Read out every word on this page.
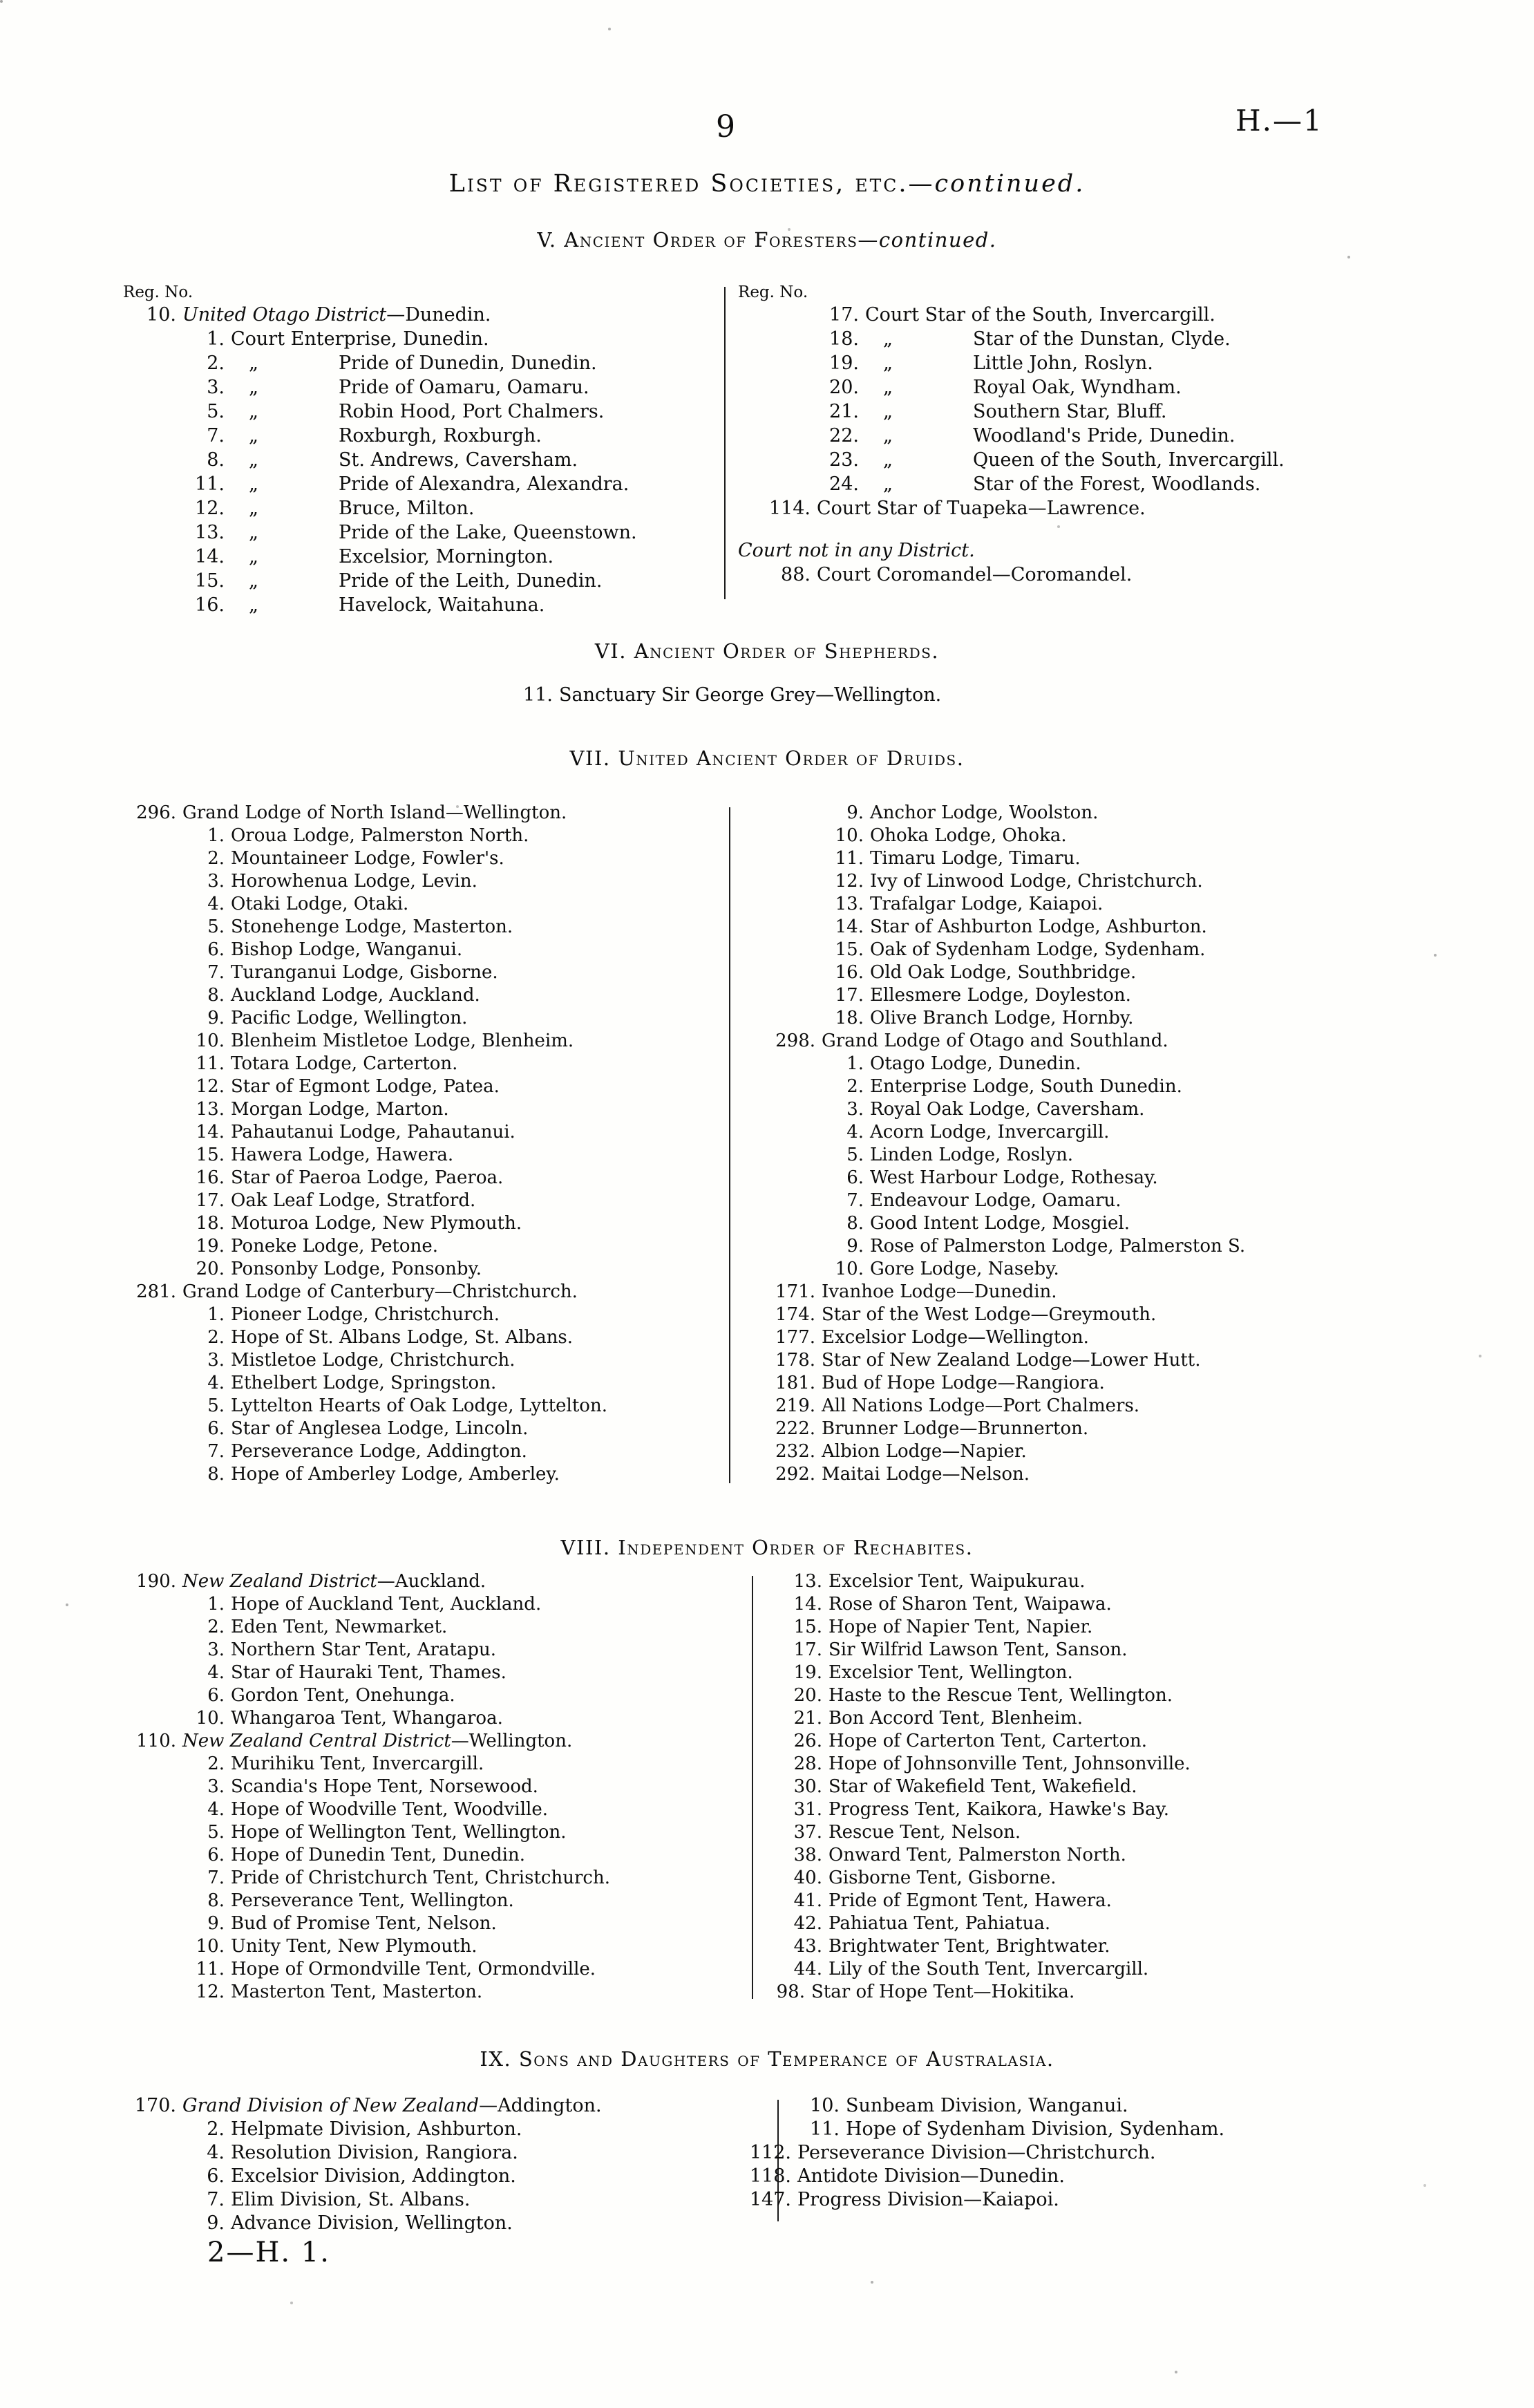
9	H.—1
List of Registered Societies, etc.—continued.
V. Ancient Order of Foresters—continued.
Reg. No.
10. United Otago District—Dunedin.
1. Court Enterprise, Dunedin.
2.	„	Pride of Dunedin, Dunedin.
3.	„	Pride of Oamaru, Oamaru.
5.	„	Robin Hood, Port Chalmers.
7.	„	Roxburgh, Roxburgh.
8.	„	St. Andrews, Caversham.
11.	„	Pride of Alexandra, Alexandra.
12.	„	Bruce, Milton.
13.	„	Pride of the Lake, Queenstown.
14.	„	Excelsior, Mornington.
15.	„	Pride of the Leith, Dunedin.
16.	„	Havelock, Waitahuna.
Reg. No.
17. Court Star of the South, Invercargill.
18.	„	Star of the Dunstan, Clyde.
19.	„	Little John, Roslyn.
20.	„	Royal Oak, Wyndham.
21.	„	Southern Star, Bluff.
22.	„	Woodland's Pride, Dunedin.
23.	„	Queen of the South, Invercargill.
24.	„	Star of the Forest, Woodlands.
114. Court Star of Tuapeka—Lawrence.
Court not in any District.
88. Court Coromandel—Coromandel.
VI. Ancient Order of Shepherds.
11. Sanctuary Sir George Grey—Wellington.
VII. United Ancient Order of Druids.
296. Grand Lodge of North Island—Wellington.
1. Oroua Lodge, Palmerston North.
2. Mountaineer Lodge, Fowler's.
3. Horowhenua Lodge, Levin.
4. Otaki Lodge, Otaki.
5. Stonehenge Lodge, Masterton.
6. Bishop Lodge, Wanganui.
7. Turanganui Lodge, Gisborne.
8. Auckland Lodge, Auckland.
9. Pacific Lodge, Wellington.
10. Blenheim Mistletoe Lodge, Blenheim.
11. Totara Lodge, Carterton.
12. Star of Egmont Lodge, Patea.
13. Morgan Lodge, Marton.
14. Pahautanui Lodge, Pahautanui.
15. Hawera Lodge, Hawera.
16. Star of Paeroa Lodge, Paeroa.
17. Oak Leaf Lodge, Stratford.
18. Moturoa Lodge, New Plymouth.
19. Poneke Lodge, Petone.
20. Ponsonby Lodge, Ponsonby.
281. Grand Lodge of Canterbury—Christchurch.
1. Pioneer Lodge, Christchurch.
2. Hope of St. Albans Lodge, St. Albans.
3. Mistletoe Lodge, Christchurch.
4. Ethelbert Lodge, Springston.
5. Lyttelton Hearts of Oak Lodge, Lyttelton.
6. Star of Anglesea Lodge, Lincoln.
7. Perseverance Lodge, Addington.
8. Hope of Amberley Lodge, Amberley.
9. Anchor Lodge, Woolston.
10. Ohoka Lodge, Ohoka.
11. Timaru Lodge, Timaru.
12. Ivy of Linwood Lodge, Christchurch.
13. Trafalgar Lodge, Kaiapoi.
14. Star of Ashburton Lodge, Ashburton.
15. Oak of Sydenham Lodge, Sydenham.
16. Old Oak Lodge, Southbridge.
17. Ellesmere Lodge, Doyleston.
18. Olive Branch Lodge, Hornby.
298. Grand Lodge of Otago and Southland.
1. Otago Lodge, Dunedin.
2. Enterprise Lodge, South Dunedin.
3. Royal Oak Lodge, Caversham.
4. Acorn Lodge, Invercargill.
5. Linden Lodge, Roslyn.
6. West Harbour Lodge, Rothesay.
7. Endeavour Lodge, Oamaru.
8. Good Intent Lodge, Mosgiel.
9. Rose of Palmerston Lodge, Palmerston S.
10. Gore Lodge, Naseby.
171. Ivanhoe Lodge—Dunedin.
174. Star of the West Lodge—Greymouth.
177. Excelsior Lodge—Wellington.
178. Star of New Zealand Lodge—Lower Hutt.
181. Bud of Hope Lodge—Rangiora.
219. All Nations Lodge—Port Chalmers.
222. Brunner Lodge—Brunnerton.
232. Albion Lodge—Napier.
292. Maitai Lodge—Nelson.
VIII. Independent Order of Rechabites.
190. New Zealand District—Auckland.
1. Hope of Auckland Tent, Auckland.
2. Eden Tent, Newmarket.
3. Northern Star Tent, Aratapu.
4. Star of Hauraki Tent, Thames.
6. Gordon Tent, Onehunga.
10. Whangaroa Tent, Whangaroa.
110. New Zealand Central District—Wellington.
2. Murihiku Tent, Invercargill.
3. Scandia's Hope Tent, Norsewood.
4. Hope of Woodville Tent, Woodville.
5. Hope of Wellington Tent, Wellington.
6. Hope of Dunedin Tent, Dunedin.
7. Pride of Christchurch Tent, Christchurch.
8. Perseverance Tent, Wellington.
9. Bud of Promise Tent, Nelson.
10. Unity Tent, New Plymouth.
11. Hope of Ormondville Tent, Ormondville.
12. Masterton Tent, Masterton.
13. Excelsior Tent, Waipukurau.
14. Rose of Sharon Tent, Waipawa.
15. Hope of Napier Tent, Napier.
17. Sir Wilfrid Lawson Tent, Sanson.
19. Excelsior Tent, Wellington.
20. Haste to the Rescue Tent, Wellington.
21. Bon Accord Tent, Blenheim.
26. Hope of Carterton Tent, Carterton.
28. Hope of Johnsonville Tent, Johnsonville.
30. Star of Wakefield Tent, Wakefield.
31. Progress Tent, Kaikora, Hawke's Bay.
37. Rescue Tent, Nelson.
38. Onward Tent, Palmerston North.
40. Gisborne Tent, Gisborne.
41. Pride of Egmont Tent, Hawera.
42. Pahiatua Tent, Pahiatua.
43. Brightwater Tent, Brightwater.
44. Lily of the South Tent, Invercargill.
98. Star of Hope Tent—Hokitika.
IX. Sons and Daughters of Temperance of Australasia.
170. Grand Division of New Zealand—Addington.
2. Helpmate Division, Ashburton.
4. Resolution Division, Rangiora.
6. Excelsior Division, Addington.
7. Elim Division, St. Albans.
9. Advance Division, Wellington.
10. Sunbeam Division, Wanganui.
11. Hope of Sydenham Division, Sydenham.
112. Perseverance Division—Christchurch.
118. Antidote Division—Dunedin.
147. Progress Division—Kaiapoi.
2—H. 1.
